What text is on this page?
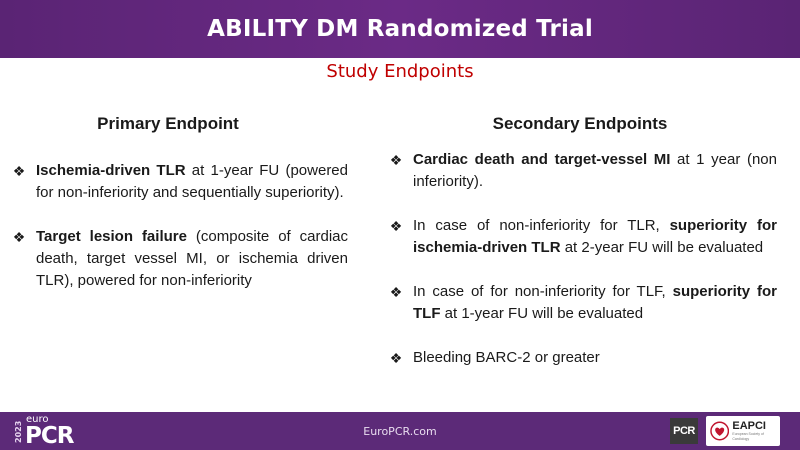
ABILITY DM Randomized Trial
Study Endpoints
Primary Endpoint	Secondary Endpoints
❖ Ischemia-driven TLR at 1-year FU (powered for non-inferiority and sequentially superiority).
❖ Target lesion failure (composite of cardiac death, target vessel MI, or ischemia driven TLR), powered for non-inferiority
❖ Cardiac death and target-vessel MI at 1 year (non inferiority).
❖ In case of non-inferiority for TLR, superiority for ischemia-driven TLR at 2-year FU will be evaluated
❖ In case of for non-inferiority for TLF, superiority for TLF at 1-year FU will be evaluated
❖ Bleeding BARC-2 or greater
2023
euro
PCR	EuroPCR.com	PCR	EAPCI
European Society of Cardiology
